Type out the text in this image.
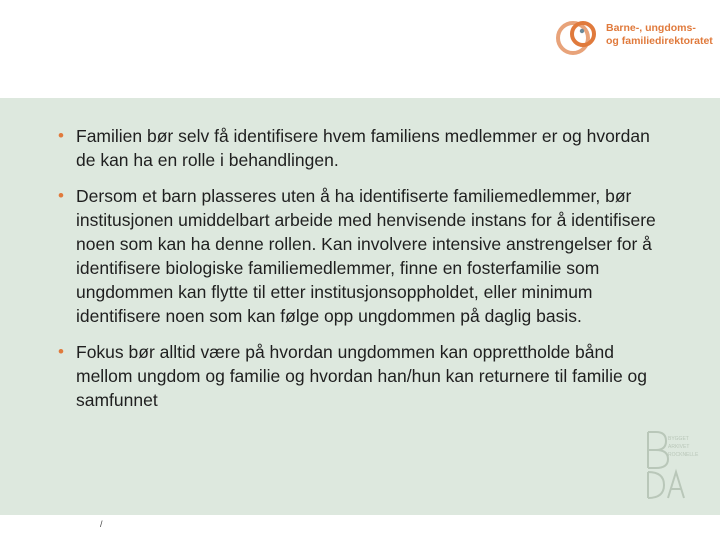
Barne-, ungdoms-
og familiedirektoratet
• Familien bør selv få identifisere hvem familiens medlemmer er og hvordan de kan ha en rolle i behandlingen.
• Dersom et barn plasseres uten å ha identifiserte familiemedlemmer, bør institusjonen umiddelbart arbeide med henvisende instans for å identifisere noen som kan ha denne rollen. Kan involvere intensive anstrengelser for å identifisere biologiske familiemedlemmer, finne en fosterfamilie som ungdommen kan flytte til etter institusjonsoppholdet, eller minimum identifisere noen som kan følge opp ungdommen på daglig basis.
• Fokus bør alltid være på hvordan ungdommen kan opprettholde bånd mellom ungdom og familie og hvordan han/hun kan returnere til familie og samfunnet
BYGGET
ARKIVET
ROCKNELLE
/
